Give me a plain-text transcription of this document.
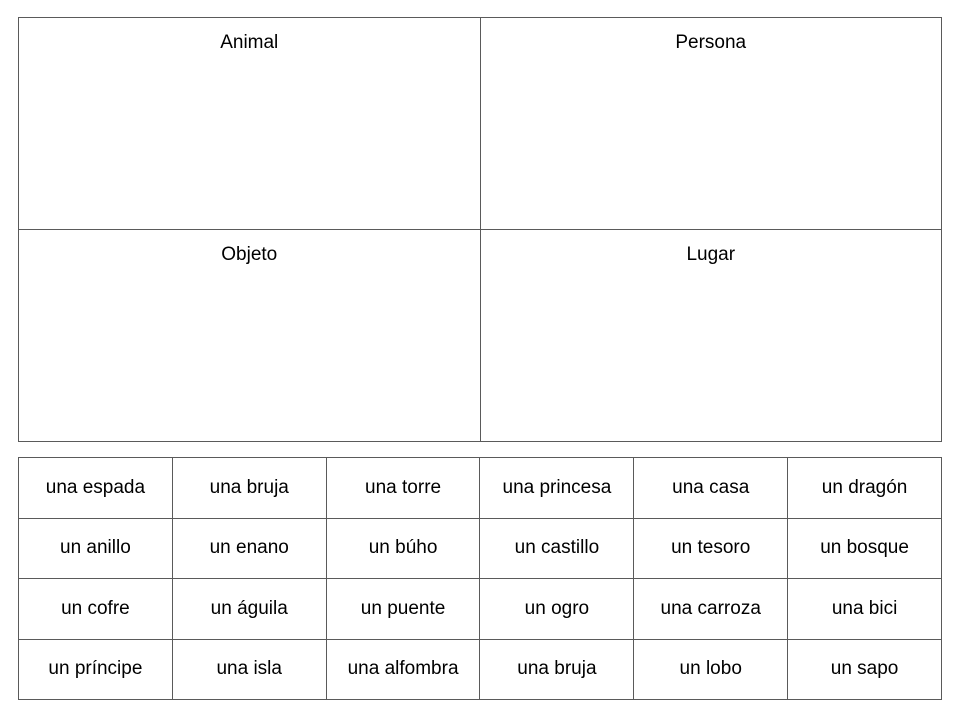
Animal	Persona
Objeto	Lugar
una espada	una bruja	una torre	una princesa	una casa	un dragón
un anillo	un enano	un búho	un castillo	un tesoro	un bosque
un cofre	un águila	un puente	un ogro	una carroza	una bici
un príncipe	una isla	una alfombra	una bruja	un lobo	un sapo
